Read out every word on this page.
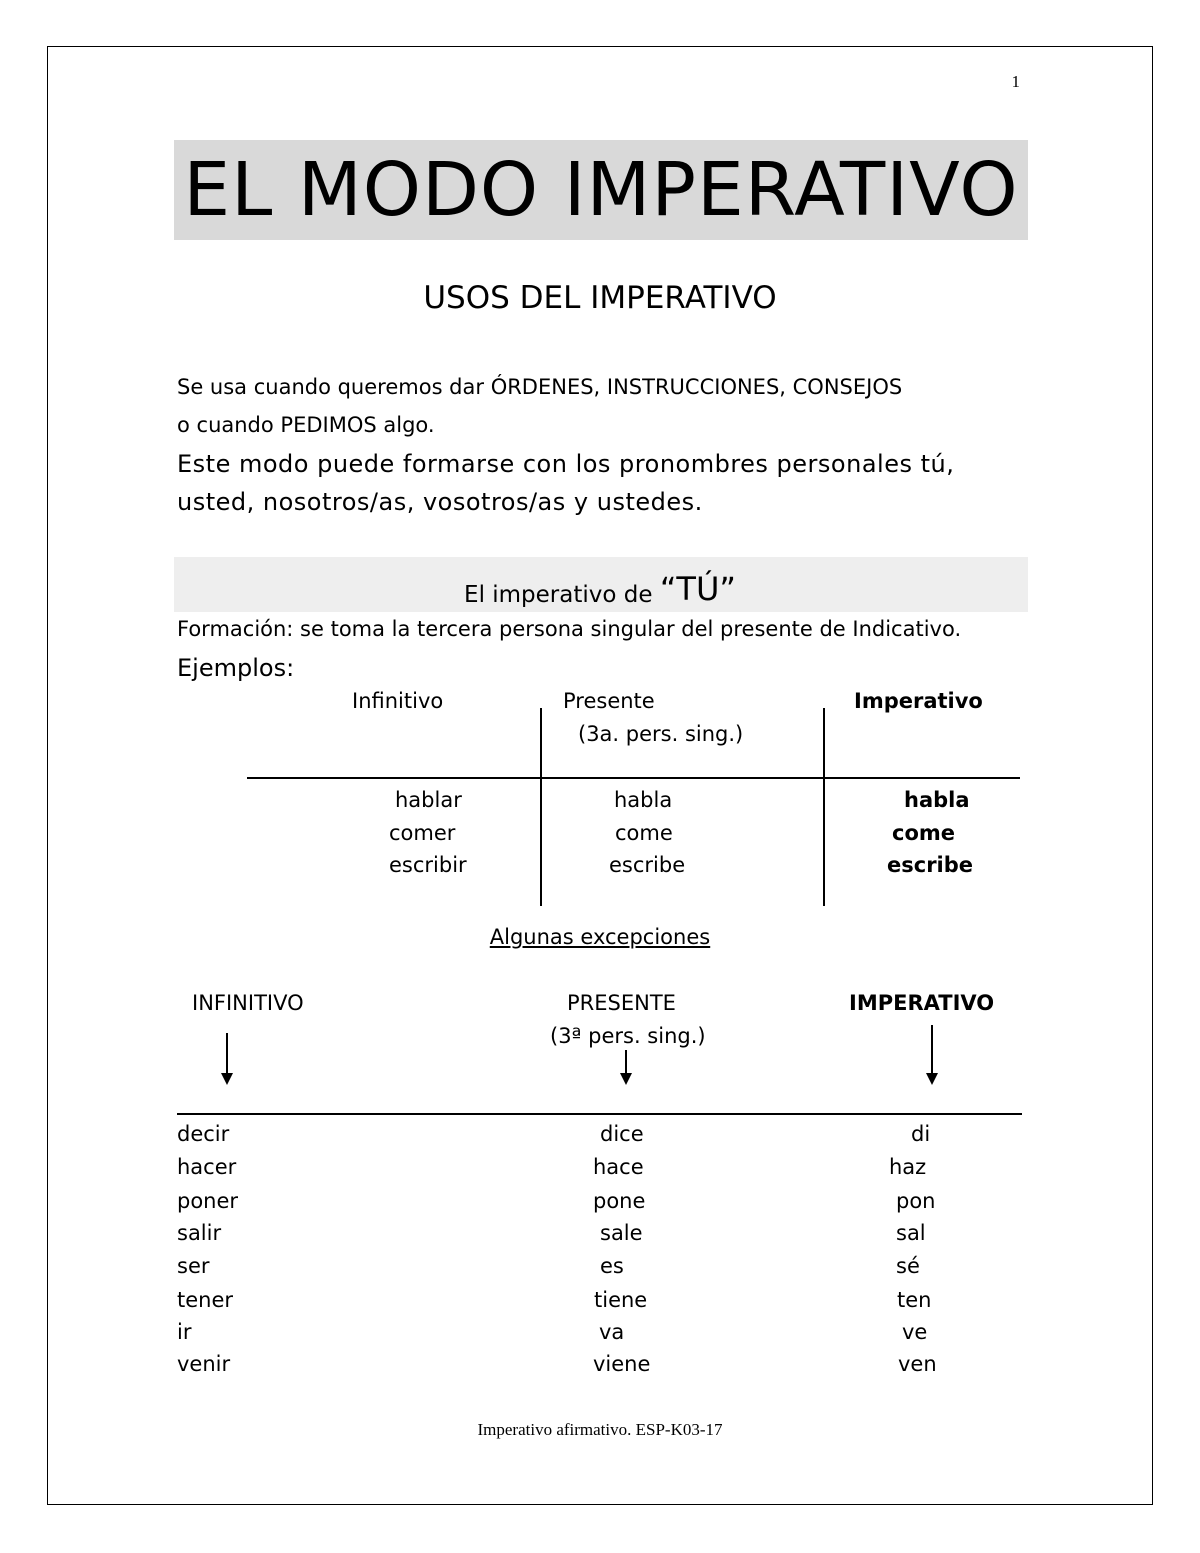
1
EL MODO IMPERATIVO
USOS DEL IMPERATIVO
Se usa cuando queremos dar ÓRDENES, INSTRUCCIONES, CONSEJOS
o cuando PEDIMOS algo.
Este modo puede formarse con los pronombres personales tú,
usted, nosotros/as, vosotros/as y ustedes.
El imperativo de “TÚ”
Formación: se toma la tercera persona singular del presente de Indicativo.
Ejemplos:
Infinitivo	Presente
(3a. pers. sing.)
Imperativo
hablar	habla	habla
comer	come	come
escribir	escribe	escribe
Algunas excepciones
INFINITIVO	PRESENTE
(3ª pers. sing.)
IMPERATIVO
decir	dice	di
hacer	hace	haz
poner	pone	pon
salir	sale	sal
ser	es	sé
tener	tiene	ten
ir	va	ve
venir	viene	ven
Imperativo afirmativo. ESP-K03-17
